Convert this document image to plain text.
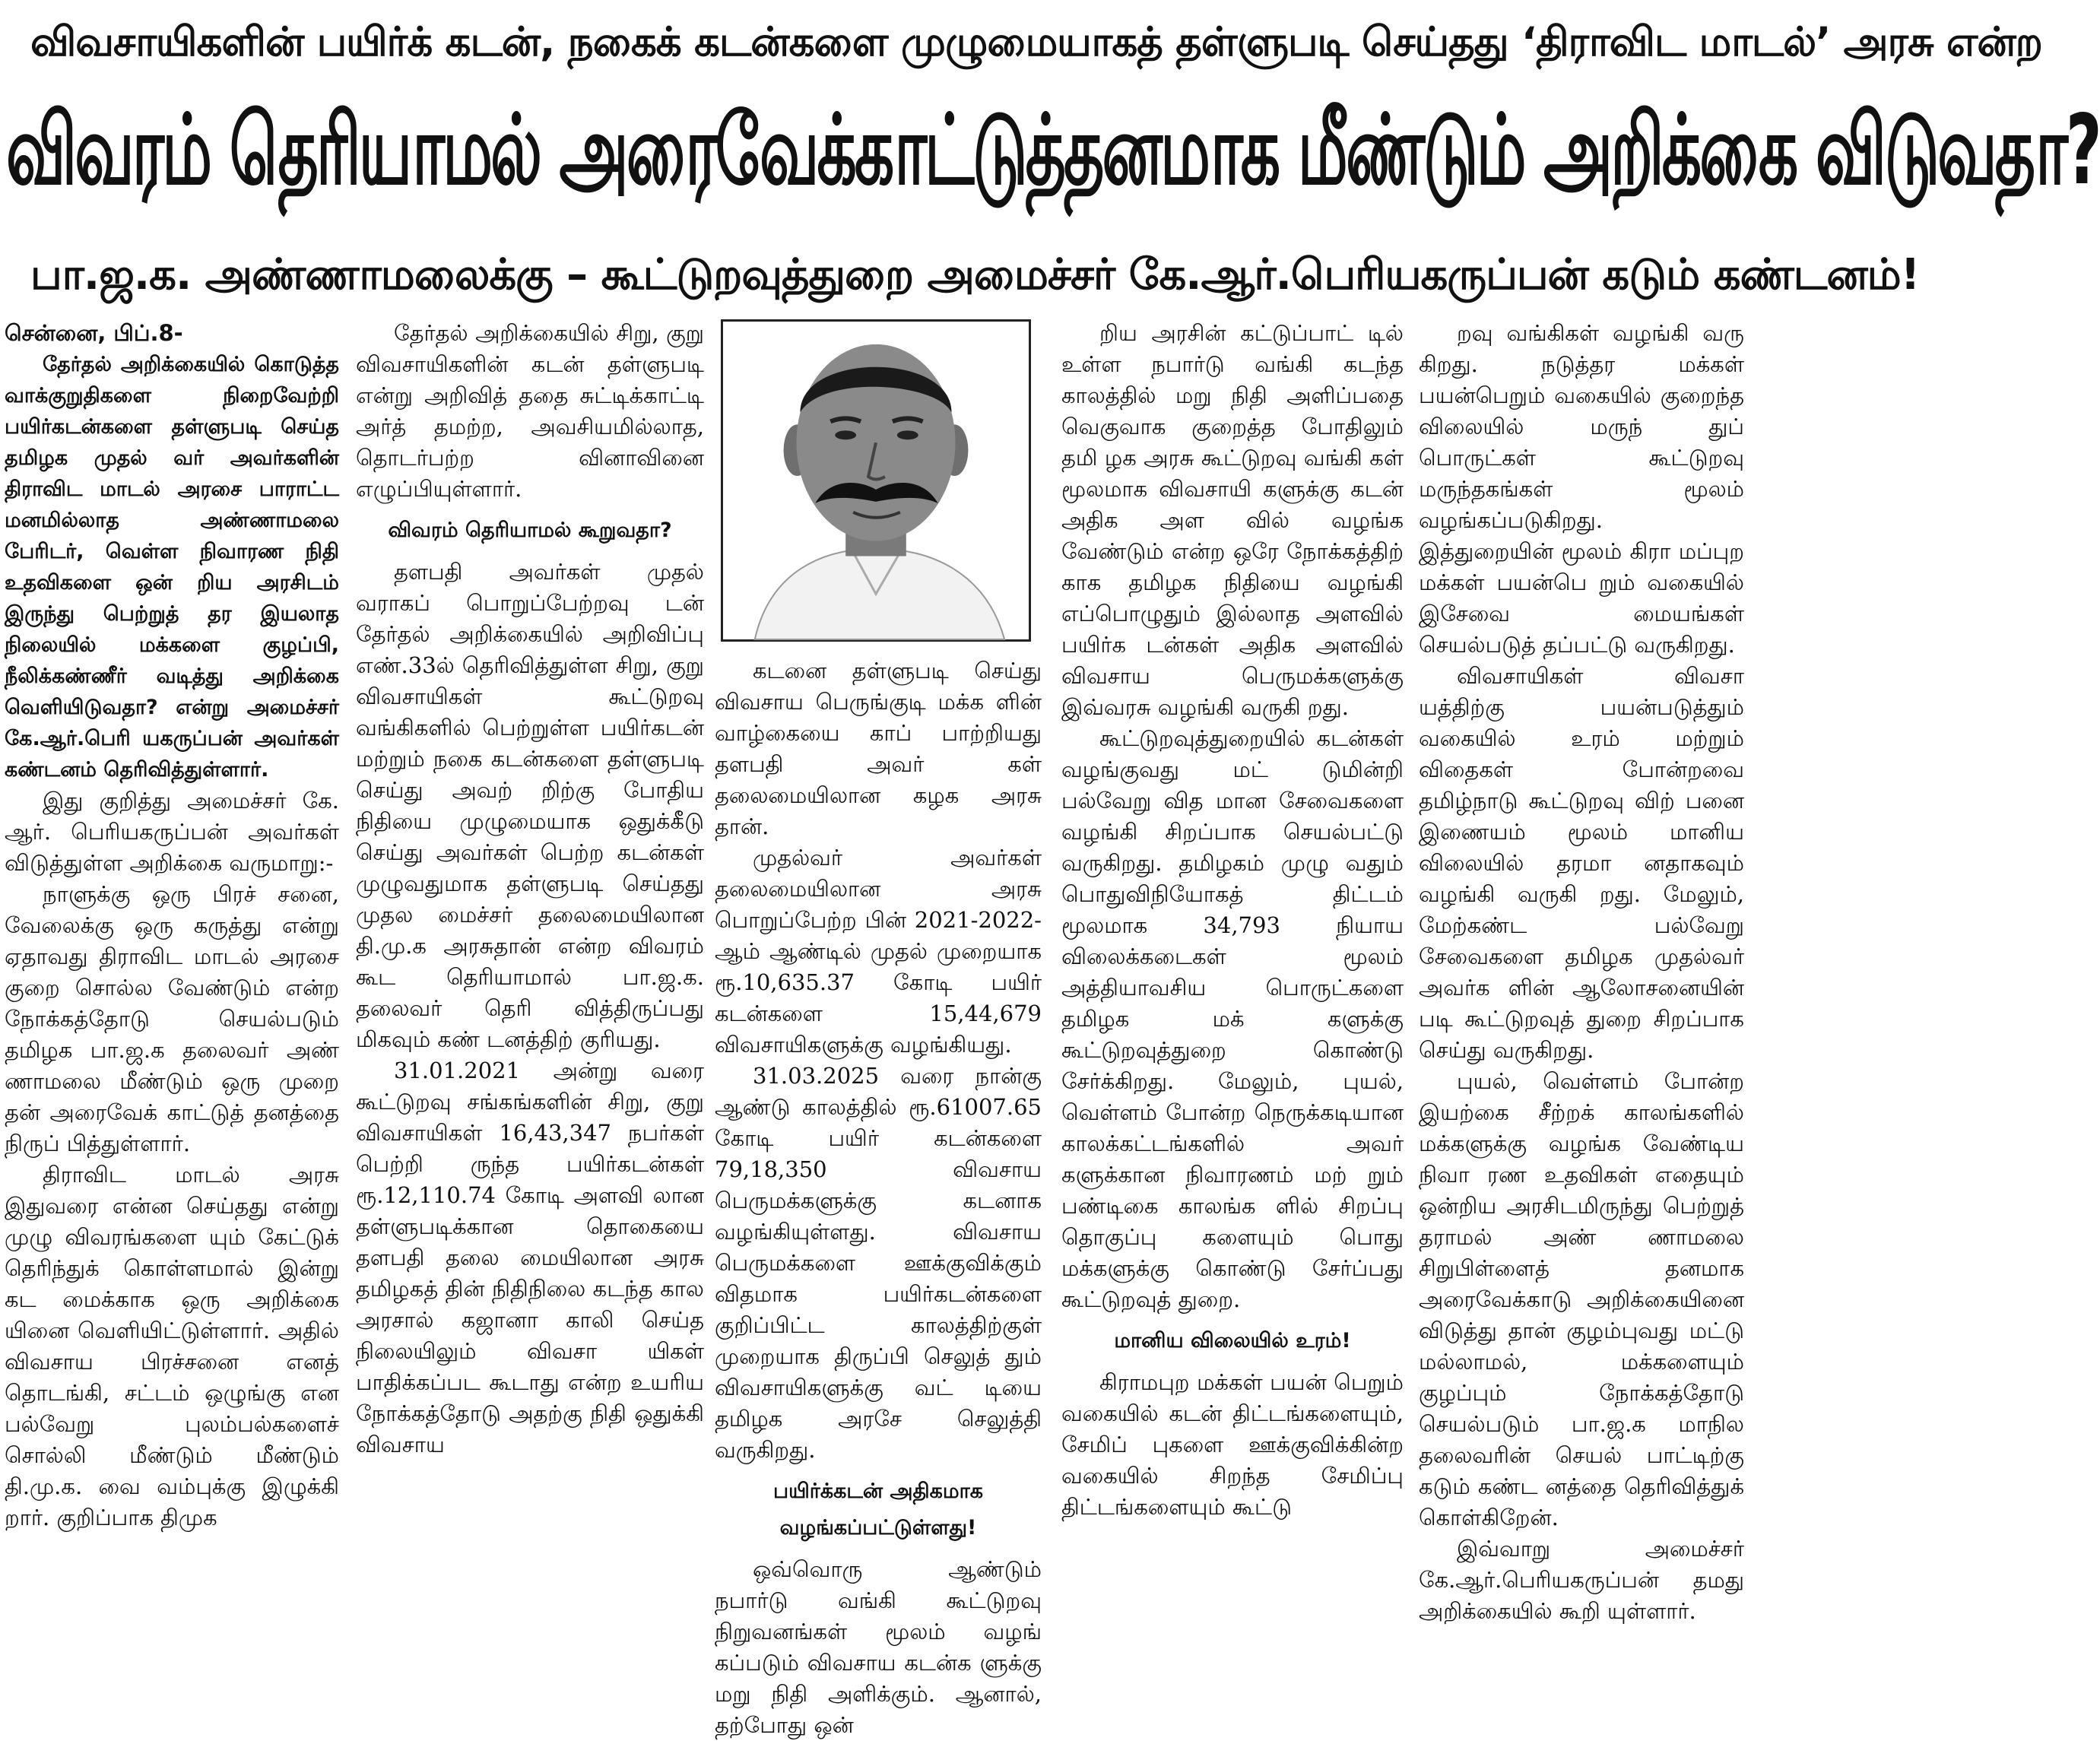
விவசாயிகளின் பயிர்க் கடன், நகைக் கடன்களை முழுமையாகத் தள்ளுபடி செய்தது ‘திராவிட மாடல்’ அரசு என்ற
விவரம் தெரியாமல் அரைவேக்காட்டுத்தனமாக மீண்டும் அறிக்கை விடுவதா?
பா.ஜ.க. அண்ணாமலைக்கு – கூட்டுறவுத்துறை அமைச்சர் கே.ஆர்.பெரியகருப்பன் கடும் கண்டனம்!

சென்னை, பிப்.8-

தேர்தல் அறிக்கையில் கொடுத்த வாக்குறுதிகளை நிறைவேற்றி பயிர்கடன்களை தள்ளுபடி செய்த தமிழக முதல் வர் அவர்களின் திராவிட மாடல் அரசை பாராட்ட மனமில்லாத அண்ணாமலை பேரிடர், வெள்ள நிவாரண நிதி உதவிகளை ஒன் றிய அரசிடம் இருந்து பெற்றுத் தர இயலாத நிலையில் மக்களை குழப்பி, நீலிக்கண்ணீர் வடித்து அறிக்கை வெளியிடுவதா? என்று அமைச்சர் கே.ஆர்.பெரி யகருப்பன் அவர்கள் கண்டனம் தெரிவித்துள்ளார்.

இது குறித்து அமைச்சர் கே. ஆர். பெரியகருப்பன் அவர்கள் விடுத்துள்ள அறிக்கை வருமாறு:-

நாளுக்கு ஒரு பிரச் சனை, வேலைக்கு ஒரு கருத்து என்று ஏதாவது திராவிட மாடல் அரசை குறை சொல்ல வேண்டும் என்ற நோக்கத்தோடு செயல்படும் தமிழக பா.ஜ.க தலைவர் அண் ணாமலை மீண்டும் ஒரு முறை தன் அரைவேக் காட்டுத் தனத்தை நிருப் பித்துள்ளார்.

திராவிட மாடல் அரசு இதுவரை என்ன செய்தது என்று முழு விவரங்களை யும் கேட்டுக் தெரிந்துக் கொள்ளமால் இன்று கட மைக்காக ஒரு அறிக்கை யினை வெளியிட்டுள்ளார். அதில் விவசாய பிரச்சனை எனத் தொடங்கி, சட்டம் ஒழுங்கு என பல்வேறு புலம்பல்களைச் சொல்லி மீண்டும் மீண்டும் தி.மு.க. வை வம்புக்கு இழுக்கி றார். குறிப்பாக திமுக

தேர்தல் அறிக்கையில் சிறு, குறு விவசாயிகளின் கடன் தள்ளுபடி என்று அறிவித் ததை சுட்டிக்காட்டி அர்த் தமற்ற, அவசியமில்லாத, தொடர்பற்ற வினாவினை எழுப்பியுள்ளார்.

விவரம் தெரியாமல் கூறுவதா?

தளபதி அவர்கள் முதல் வராகப் பொறுப்பேற்றவு டன் தேர்தல் அறிக்கையில் அறிவிப்பு எண்.33ல் தெரிவித்துள்ள சிறு, குறு விவசாயிகள் கூட்டுறவு வங்கிகளில் பெற்றுள்ள பயிர்கடன் மற்றும் நகை கடன்களை தள்ளுபடி செய்து அவற் றிற்கு போதிய நிதியை முழுமையாக ஒதுக்கீடு செய்து அவர்கள் பெற்ற கடன்கள் முழுவதுமாக தள்ளுபடி செய்தது முதல மைச்சர் தலைமையிலான தி.மு.க அரசுதான் என்ற விவரம் கூட தெரியாமால் பா.ஜ.க. தலைவர் தெரி வித்திருப்பது மிகவும் கண் டனத்திற் குரியது.

31.01.2021 அன்று வரை கூட்டுறவு சங்கங்களின் சிறு, குறு விவசாயிகள் 16,43,347 நபர்கள் பெற்றி ருந்த பயிர்கடன்கள் ரூ.12,110.74 கோடி அளவி லான தள்ளுபடிக்கான தொகையை தளபதி தலை மையிலான அரசு தமிழகத் தின் நிதிநிலை கடந்த கால அரசால் கஜானா காலி செய்த நிலையிலும் விவசா யிகள் பாதிக்கப்பட கூடாது என்ற உயரிய நோக்கத்தோடு அதற்கு நிதி ஒதுக்கி விவசாய

கடனை தள்ளுபடி செய்து விவசாய பெருங்குடி மக்க ளின் வாழ்கையை காப் பாற்றியது தளபதி அவர் கள் தலைமையிலான கழக அரசு தான்.

முதல்வர் அவர்கள் தலைமையிலான அரசு பொறுப்பேற்ற பின் 2021-2022-ஆம் ஆண்டில் முதல் முறையாக ரூ.10,635.37 கோடி பயிர் கடன்களை 15,44,679 விவசாயிகளுக்கு வழங்கியது.

31.03.2025 வரை நான்கு ஆண்டு காலத்தில் ரூ.61007.65 கோடி பயிர் கடன்களை 79,18,350 விவசாய பெருமக்களுக்கு கடனாக வழங்கியுள்ளது. விவசாய பெருமக்களை ஊக்குவிக்கும் விதமாக பயிர்கடன்களை குறிப்பிட்ட காலத்திற்குள் முறையாக திருப்பி செலுத் தும் விவசாயிகளுக்கு வட் டியை தமிழக அரசே செலுத்தி வருகிறது.

பயிர்க்கடன் அதிகமாக வழங்கப்பட்டுள்ளது!

ஒவ்வொரு ஆண்டும் நபார்டு வங்கி கூட்டுறவு நிறுவனங்கள் மூலம் வழங் கப்படும் விவசாய கடன்க ளுக்கு மறு நிதி அளிக்கும். ஆனால், தற்போது ஒன்

றிய அரசின் கட்டுப்பாட் டில் உள்ள நபார்டு வங்கி கடந்த காலத்தில் மறு நிதி அளிப்பதை வெகுவாக குறைத்த போதிலும் தமி ழக அரசு கூட்டுறவு வங்கி கள் மூலமாக விவசாயி களுக்கு கடன் அதிக அள வில் வழங்க வேண்டும் என்ற ஒரே நோக்கத்திற் காக தமிழக நிதியை வழங்கி எப்பொழுதும் இல்லாத அளவில் பயிர்க டன்கள் அதிக அளவில் விவசாய பெருமக்களுக்கு இவ்வரசு வழங்கி வருகி றது.

கூட்டுறவுத்துறையில் கடன்கள் வழங்குவது மட் டுமின்றி பல்வேறு வித மான சேவைகளை வழங்கி சிறப்பாக செயல்பட்டு வருகிறது. தமிழகம் முழு வதும் பொதுவிநியோகத் திட்டம் மூலமாக 34,793 நியாய விலைக்கடைகள் மூலம் அத்தியாவசிய பொருட்களை தமிழக மக் களுக்கு கூட்டுறவுத்துறை கொண்டு சேர்க்கிறது. மேலும், புயல், வெள்ளம் போன்ற நெருக்கடியான காலக்கட்டங்களில் அவர் களுக்கான நிவாரணம் மற் றும் பண்டிகை காலங்க ளில் சிறப்பு தொகுப்பு களையும் பொது மக்களுக்கு கொண்டு சேர்ப்பது கூட்டுறவுத் துறை.

மானிய விலையில் உரம்!

கிராமபுற மக்கள் பயன் பெறும் வகையில் கடன் திட்டங்களையும், சேமிப் புகளை ஊக்குவிக்கின்ற வகையில் சிறந்த சேமிப்பு திட்டங்களையும் கூட்டு

றவு வங்கிகள் வழங்கி வரு கிறது. நடுத்தர மக்கள் பயன்பெறும் வகையில் குறைந்த விலையில் மருந் துப் பொருட்கள் கூட்டுறவு மருந்தகங்கள் மூலம் வழங்கப்படுகிறது. இத்துறையின் மூலம் கிரா மப்புற மக்கள் பயன்பெ றும் வகையில் இசேவை மையங்கள் செயல்படுத் தப்பட்டு வருகிறது.

விவசாயிகள் விவசா யத்திற்கு பயன்படுத்தும் வகையில் உரம் மற்றும் விதைகள் போன்றவை தமிழ்நாடு கூட்டுறவு விற் பனை இணையம் மூலம் மானிய விலையில் தரமா னதாகவும் வழங்கி வருகி றது. மேலும், மேற்கண்ட பல்வேறு சேவைகளை தமிழக முதல்வர் அவர்க ளின் ஆலோசனையின் படி கூட்டுறவுத் துறை சிறப்பாக செய்து வருகிறது.

புயல், வெள்ளம் போன்ற இயற்கை சீற்றக் காலங்களில் மக்களுக்கு வழங்க வேண்டிய நிவா ரண உதவிகள் எதையும் ஒன்றிய அரசிடமிருந்து பெற்றுத் தராமல் அண் ணாமலை சிறுபிள்ளைத் தனமாக அரைவேக்காடு அறிக்கையினை விடுத்து தான் குழம்புவது மட்டு மல்லாமல், மக்களையும் குழப்பும் நோக்கத்தோடு செயல்படும் பா.ஜ.க மாநில தலைவரின் செயல் பாட்டிற்கு கடும் கண்ட னத்தை தெரிவித்துக் கொள்கிறேன்.

இவ்வாறு அமைச்சர் கே.ஆர்.பெரியகருப்பன் தமது அறிக்கையில் கூறி யுள்ளார்.
